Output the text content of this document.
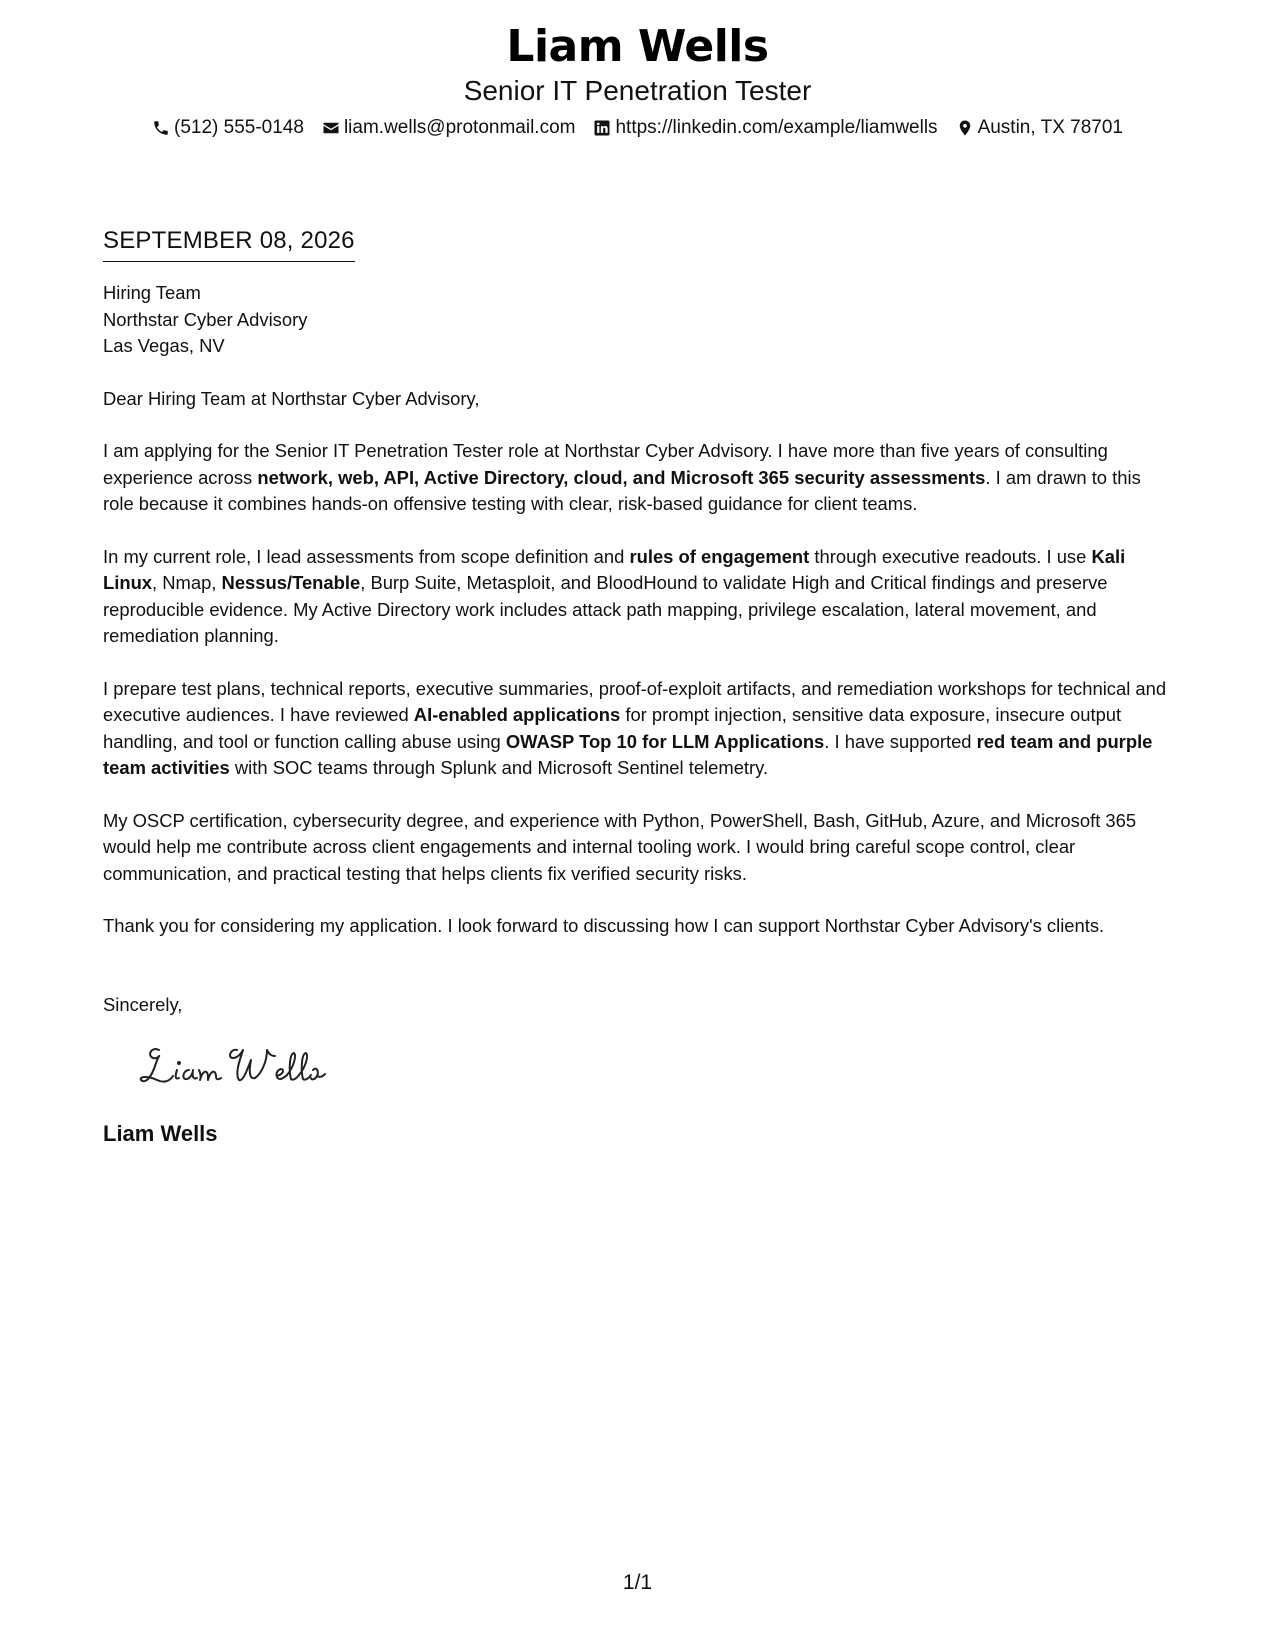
Liam Wells
Senior IT Penetration Tester
(512) 555-0148 liam.wells@protonmail.com https://linkedin.com/example/liamwells Austin, TX 78701
SEPTEMBER 08, 2026
Hiring Team
Northstar Cyber Advisory
Las Vegas, NV
Dear Hiring Team at Northstar Cyber Advisory,

I am applying for the Senior IT Penetration Tester role at Northstar Cyber Advisory. I have more than five years of consulting experience across network, web, API, Active Directory, cloud, and Microsoft 365 security assessments. I am drawn to this role because it combines hands-on offensive testing with clear, risk-based guidance for client teams.

In my current role, I lead assessments from scope definition and rules of engagement through executive readouts. I use Kali Linux, Nmap, Nessus/Tenable, Burp Suite, Metasploit, and BloodHound to validate High and Critical findings and preserve reproducible evidence. My Active Directory work includes attack path mapping, privilege escalation, lateral movement, and remediation planning.

I prepare test plans, technical reports, executive summaries, proof-of-exploit artifacts, and remediation workshops for technical and executive audiences. I have reviewed AI-enabled applications for prompt injection, sensitive data exposure, insecure output handling, and tool or function calling abuse using OWASP Top 10 for LLM Applications. I have supported red team and purple team activities with SOC teams through Splunk and Microsoft Sentinel telemetry.

My OSCP certification, cybersecurity degree, and experience with Python, PowerShell, Bash, GitHub, Azure, and Microsoft 365 would help me contribute across client engagements and internal tooling work. I would bring careful scope control, clear communication, and practical testing that helps clients fix verified security risks.

Thank you for considering my application. I look forward to discussing how I can support Northstar Cyber Advisory's clients.

Sincerely,
Liam Wells
1/1
